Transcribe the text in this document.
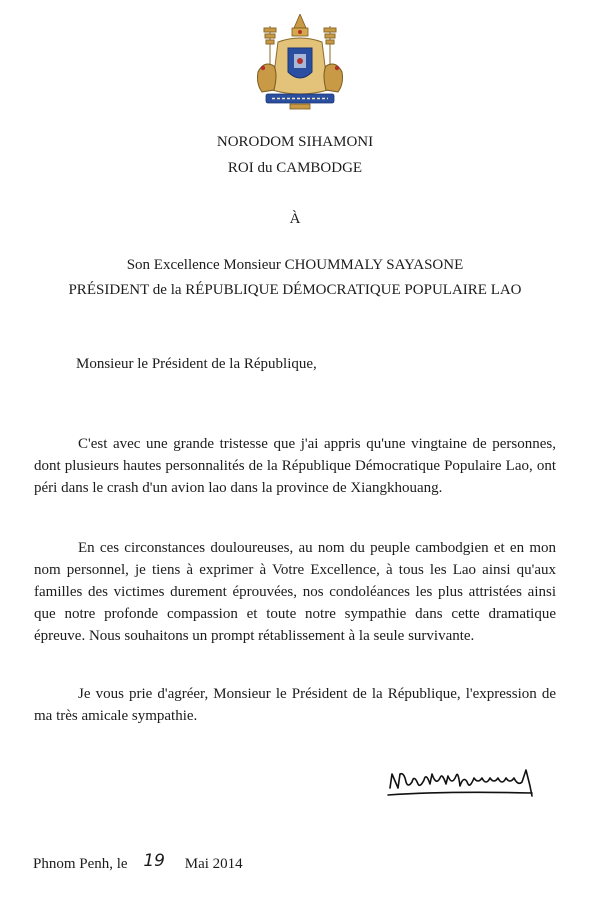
NORODOM SIHAMONI
ROI du CAMBODGE
À
Son Excellence Monsieur CHOUMMALY SAYASONE
PRÉSIDENT de la RÉPUBLIQUE DÉMOCRATIQUE POPULAIRE LAO
Monsieur le Président de la République,

C'est avec une grande tristesse que j'ai appris qu'une vingtaine de personnes, dont plusieurs hautes personnalités de la République Démocratique Populaire Lao, ont péri dans le crash d'un avion lao dans la province de Xiangkhouang.

En ces circonstances douloureuses, au nom du peuple cambodgien et en mon nom personnel, je tiens à exprimer à Votre Excellence, à tous les Lao ainsi qu'aux familles des victimes durement éprouvées, nos condoléances les plus attristées ainsi que notre profonde compassion et toute notre sympathie dans cette dramatique épreuve. Nous souhaitons un prompt rétablissement à la seule survivante.

Je vous prie d'agréer, Monsieur le Président de la République, l'expression de ma très amicale sympathie.

Phnom Penh, le 19 Mai 2014
